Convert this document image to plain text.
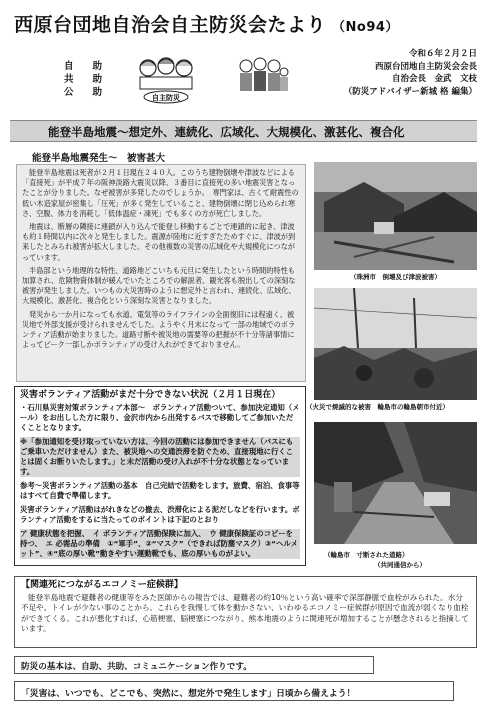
西原台団地自治会自主防災会たより （No94）
自　　助
共　　助
公　　助	自主防災
令和６年２月２日
西原台団地自主防災会会長
自治会長　金武　文枝
（防災アドバイザー新城 格 編集）
能登半島地震～想定外、連続化、広域化、大規模化、激甚化、複合化
能登半島地震発生～　被害甚大

能登半島地震は死者が２月１日現在２４０人。このうち建物倒壊や津波などによる「直接死」が平成７年の阪神淡路大震災以降、３番目に直接死の多い地震災害となったことが分りました。なぜ被害が多発したのでしょうか。　専門家は、古くて耐震性の低い木造家屋が密集し「圧死」が多く発生していること、建物倒壊に閉じ込められ寒さ、空腹、体力を消耗し「低体温症・凍死」でも多くの方が死亡しました。

地震は、断層の隣接に連鎖が入り込んで能登し移動するごとで連鎖的に起き、津波も約１時間以内に次々と発生しました。震源が陸地に近すぎたためすぐに、津波が到来したとみられ被害が拡大しました。その他複数の災害の広域化や大規模化につながっています。

半島部という地理的な特性、道路地どこいちも元旦に発生したという時間的特性も加算され、危険物資体制が緩んでいたところでの解説者、観光客も脱出しての深刻な被害が発生しました。いつもの大災害時のように想定外と言われ、連続化、広域化、大規模化、激甚化、複合化という深刻な災害となりました。

発災から一か月になっても水道、電気等のライフラインの全面復旧には程遠く、被災地で外部支援が受けられませんでした。ようやく月末になって一部の地域でのボランティア活動が始まりました。道路寸断や被災地の需要等の把握が不十分等諸事情によってピーク一部しかボランティアの受け入れができておりません。

（珠洲市　倒壊及び津波被害）
（火災で焼滅的な被害　輪島市の輪島朝市付近）
（輪島市　寸断された道路）
（共同通信から）
災害ボランティア活動がまだ十分できない状況（２月１日現在）

・石川県災害対策ボランティア本部～　ボランティア活動ついて、参加決定通知（メール）をお出しした方に限り、金沢市内から出発するバスで移動してご参加いただくこととなります。

※「参加通知を受け取っていない方は、今回の活動には参加できません（バスにもご乗車いただけません）また、被災地への交通渋滞を防ぐため、直接現地に行くことは固くお断りいたします。」と未だ活動の受け入れが不十分な状態となっています。

参考～災害ボランティア活動の基本　自己完結で活動をします。旅費、宿泊、食事等はすべて自費で準備します。

災害ボランティア活動はがれきなどの撤去、渋滞化による泥だしなどを行います。ボランティア活動をするに当たってのポイントは下記のとおり

ア 健康状態を把握、　イ ボランティア活動保険に加入、　ウ 健康保険証のコピーを持つ、　エ 必需品の準備　①“軍手”、②“マスク”（できれば防塵マスク）③“ヘルメット”、④“底の厚い靴”動きやすい運動靴でも、底の厚いものがよい。

【関連死につながるエコノミー症候群】

能登半島地震で避難者の健康等をみた医師からの報告では、避難者の約10％という高い確率で深部静脈で血栓がみられた。水分不足や、トイレが少ない事のことから、これらを我慢して体を動かさない、いわゆるエコノミー症候群が原因で血流が弱くなり血栓ができてくる。これが悪化すれば、心筋梗塞、脳梗塞につながり、熊本地震のように関連死が増加することが懸念されると指摘しています。

防災の基本は、自助、共助、コミュニケーション作りです。
「災害は、いつでも、どこでも、突然に、想定外で発生します」日頃から備えよう！
